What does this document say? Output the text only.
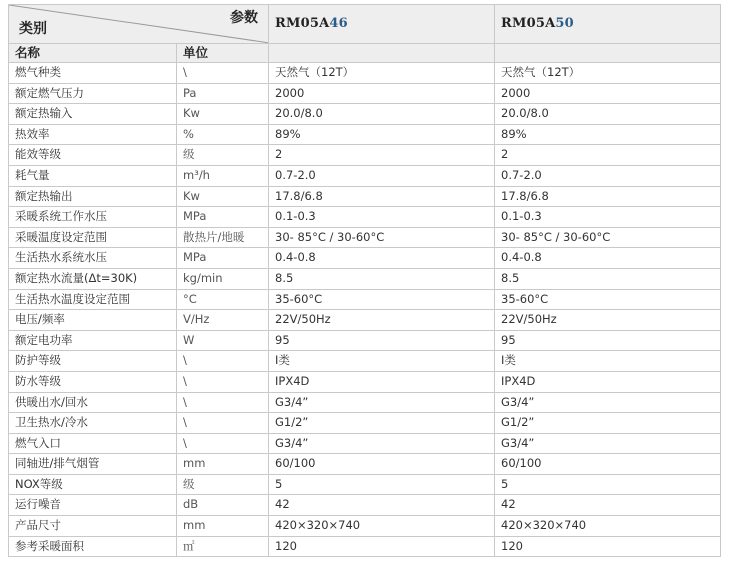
参数
类别		RM05A46	RM05A50
名称	单位		
燃气种类	\	天然气（12T）	天然气（12T）
额定燃气压力	Pa	2000	2000
额定热输入	Kw	20.0/8.0	20.0/8.0
热效率	%	89%	89%
能效等级	级	2	2
耗气量	m³/h	0.7-2.0	0.7-2.0
额定热输出	Kw	17.8/6.8	17.8/6.8
采暖系统工作水压	MPa	0.1-0.3	0.1-0.3
采暖温度设定范围	散热片/地暖	30- 85°C / 30-60°C	30- 85°C / 30-60°C
生活热水系统水压	MPa	0.4-0.8	0.4-0.8
额定热水流量(Δt=30K)	kg/min	8.5	8.5
生活热水温度设定范围	°C	35-60°C	35-60°C
电压/频率	V/Hz	22V/50Hz	22V/50Hz
额定电功率	W	95	95
防护等级	\	Ⅰ类	Ⅰ类
防水等级	\	IPX4D	IPX4D
供暖出水/回水	\	G3/4”	G3/4”
卫生热水/冷水	\	G1/2”	G1/2”
燃气入口	\	G3/4”	G3/4”
同轴进/排气烟管	mm	60/100	60/100
NOX等级	级	5	5
运行噪音	dB	42	42
产品尺寸	mm	420×320×740	420×320×740
参考采暖面积	㎡	120	120
